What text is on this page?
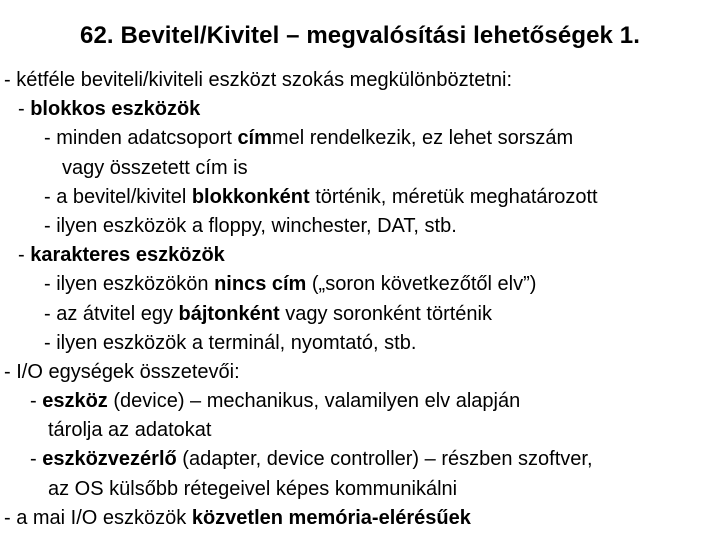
62. Bevitel/Kivitel – megvalósítási lehetőségek 1.
- kétféle beviteli/kiviteli eszközt szokás megkülönböztetni:
- blokkos eszközök
- minden adatcsoport címmel rendelkezik, ez lehet sorszám
vagy összetett cím is
- a bevitel/kivitel blokkonként történik, méretük meghatározott
- ilyen eszközök a floppy, winchester, DAT, stb.
- karakteres eszközök
- ilyen eszközökön nincs cím („soron következőtől elv”)
- az átvitel egy bájtonként vagy soronként történik
- ilyen eszközök a terminál, nyomtató, stb.
- I/O egységek összetevői:
- eszköz (device) – mechanikus, valamilyen elv alapján
tárolja az adatokat
- eszközvezérlő (adapter, device controller) – részben szoftver,
az OS külsőbb rétegeivel képes kommunikálni
- a mai I/O eszközök közvetlen memória-elérésűek
